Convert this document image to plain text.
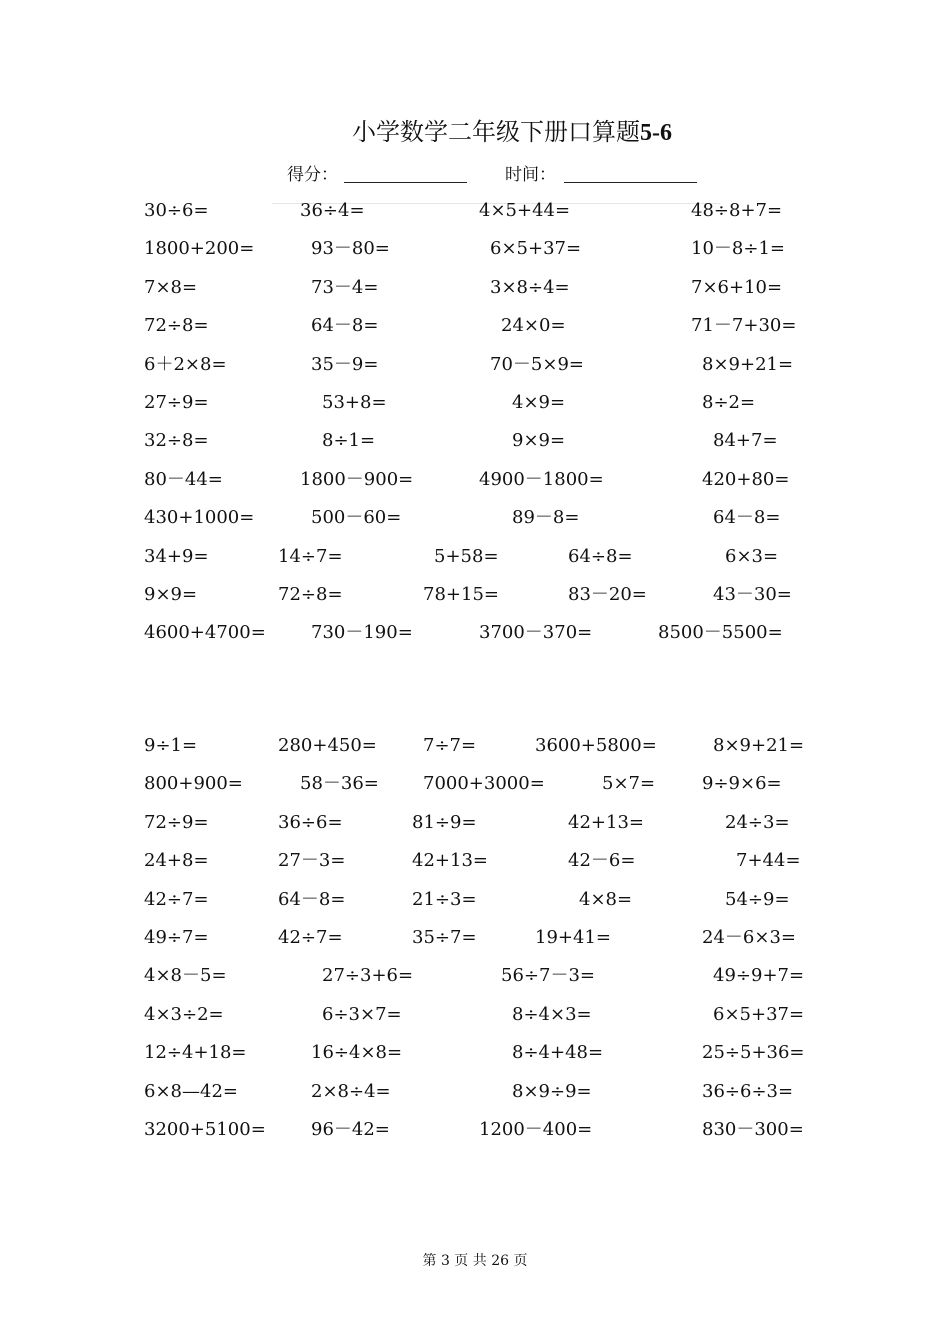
小学数学二年级下册口算题5-6
得分：	时间：
30÷6=	36÷4=	4×5+44=	48÷8+7=
1800+200=	93－80=	6×5+37=	10－8÷1=
7×8=	73－4=	3×8÷4=	7×6+10=
72÷8=	64－8=	24×0=	71－7+30=
6＋2×8=	35－9=	70－5×9=	8×9+21=
27÷9=	53+8=	4×9=	8÷2=
32÷8=	8÷1=	9×9=	84+7=
80－44=	1800－900=	4900－1800=	420+80=
430+1000=	500－60=	89－8=	64－8=
34+9=	14÷7=	5+58=	64÷8=	6×3=
9×9=	72÷8=	78+15=	83－20=	43－30=
4600+4700=	730－190=	3700－370=	8500－5500=
9÷1=	280+450=	7÷7=	3600+5800=	8×9+21=
800+900=	58－36= 7000+3000=	5×7=	9÷9×6=
72÷9=	36÷6=	81÷9=	42+13=	24÷3=
24+8=	27－3=	42+13=	42－6=	7+44=
42÷7=	64－8=	21÷3=	4×8=	54÷9=
49÷7=	42÷7=	35÷7=	19+41=	24－6×3=
4×8－5=	27÷3+6=	56÷7－3=	49÷9+7=
4×3÷2=	6÷3×7=	8÷4×3=	6×5+37=
12÷4+18=	16÷4×8=	8÷4+48=	25÷5+36=
6×8—42=	2×8÷4=	8×9÷9=	36÷6÷3=
3200+5100=	96－42=	1200－400=	830－300=
第 3 页 共 26 页
